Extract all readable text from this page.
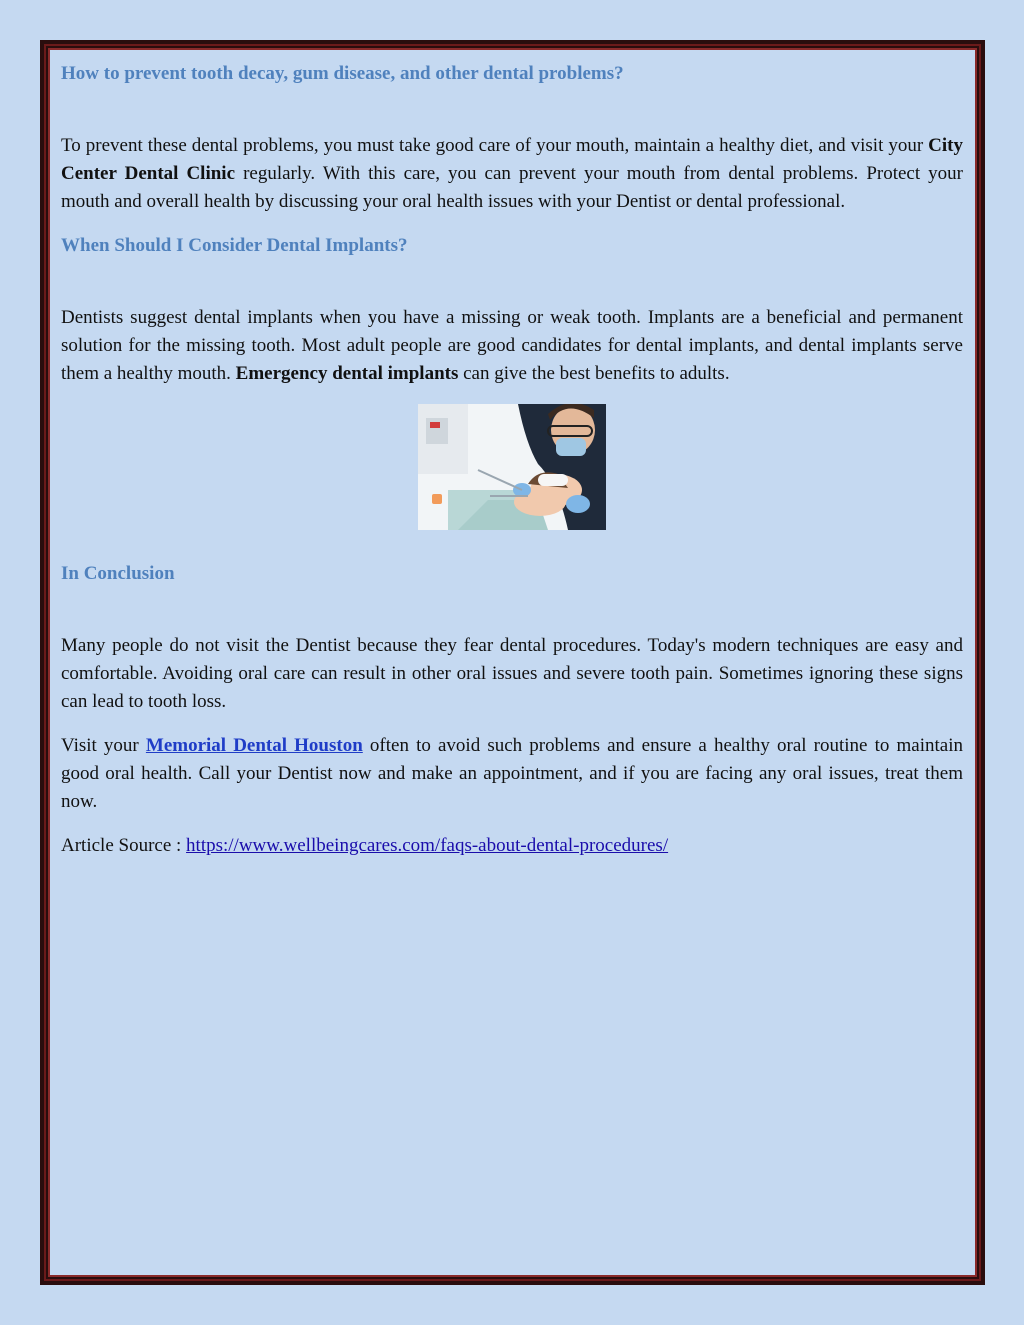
How to prevent tooth decay, gum disease, and other dental problems?

To prevent these dental problems, you must take good care of your mouth, maintain a healthy diet, and visit your City Center Dental Clinic regularly. With this care, you can prevent your mouth from dental problems. Protect your mouth and overall health by discussing your oral health issues with your Dentist or dental professional.

When Should I Consider Dental Implants?

Dentists suggest dental implants when you have a missing or weak tooth. Implants are a beneficial and permanent solution for the missing tooth. Most adult people are good candidates for dental implants, and dental implants serve them a healthy mouth. Emergency dental implants can give the best benefits to adults.

In Conclusion

Many people do not visit the Dentist because they fear dental procedures. Today's modern techniques are easy and comfortable. Avoiding oral care can result in other oral issues and severe tooth pain. Sometimes ignoring these signs can lead to tooth loss.

Visit your Memorial Dental Houston often to avoid such problems and ensure a healthy oral routine to maintain good oral health. Call your Dentist now and make an appointment, and if you are facing any oral issues, treat them now.

Article Source : https://www.wellbeingcares.com/faqs-about-dental-procedures/
